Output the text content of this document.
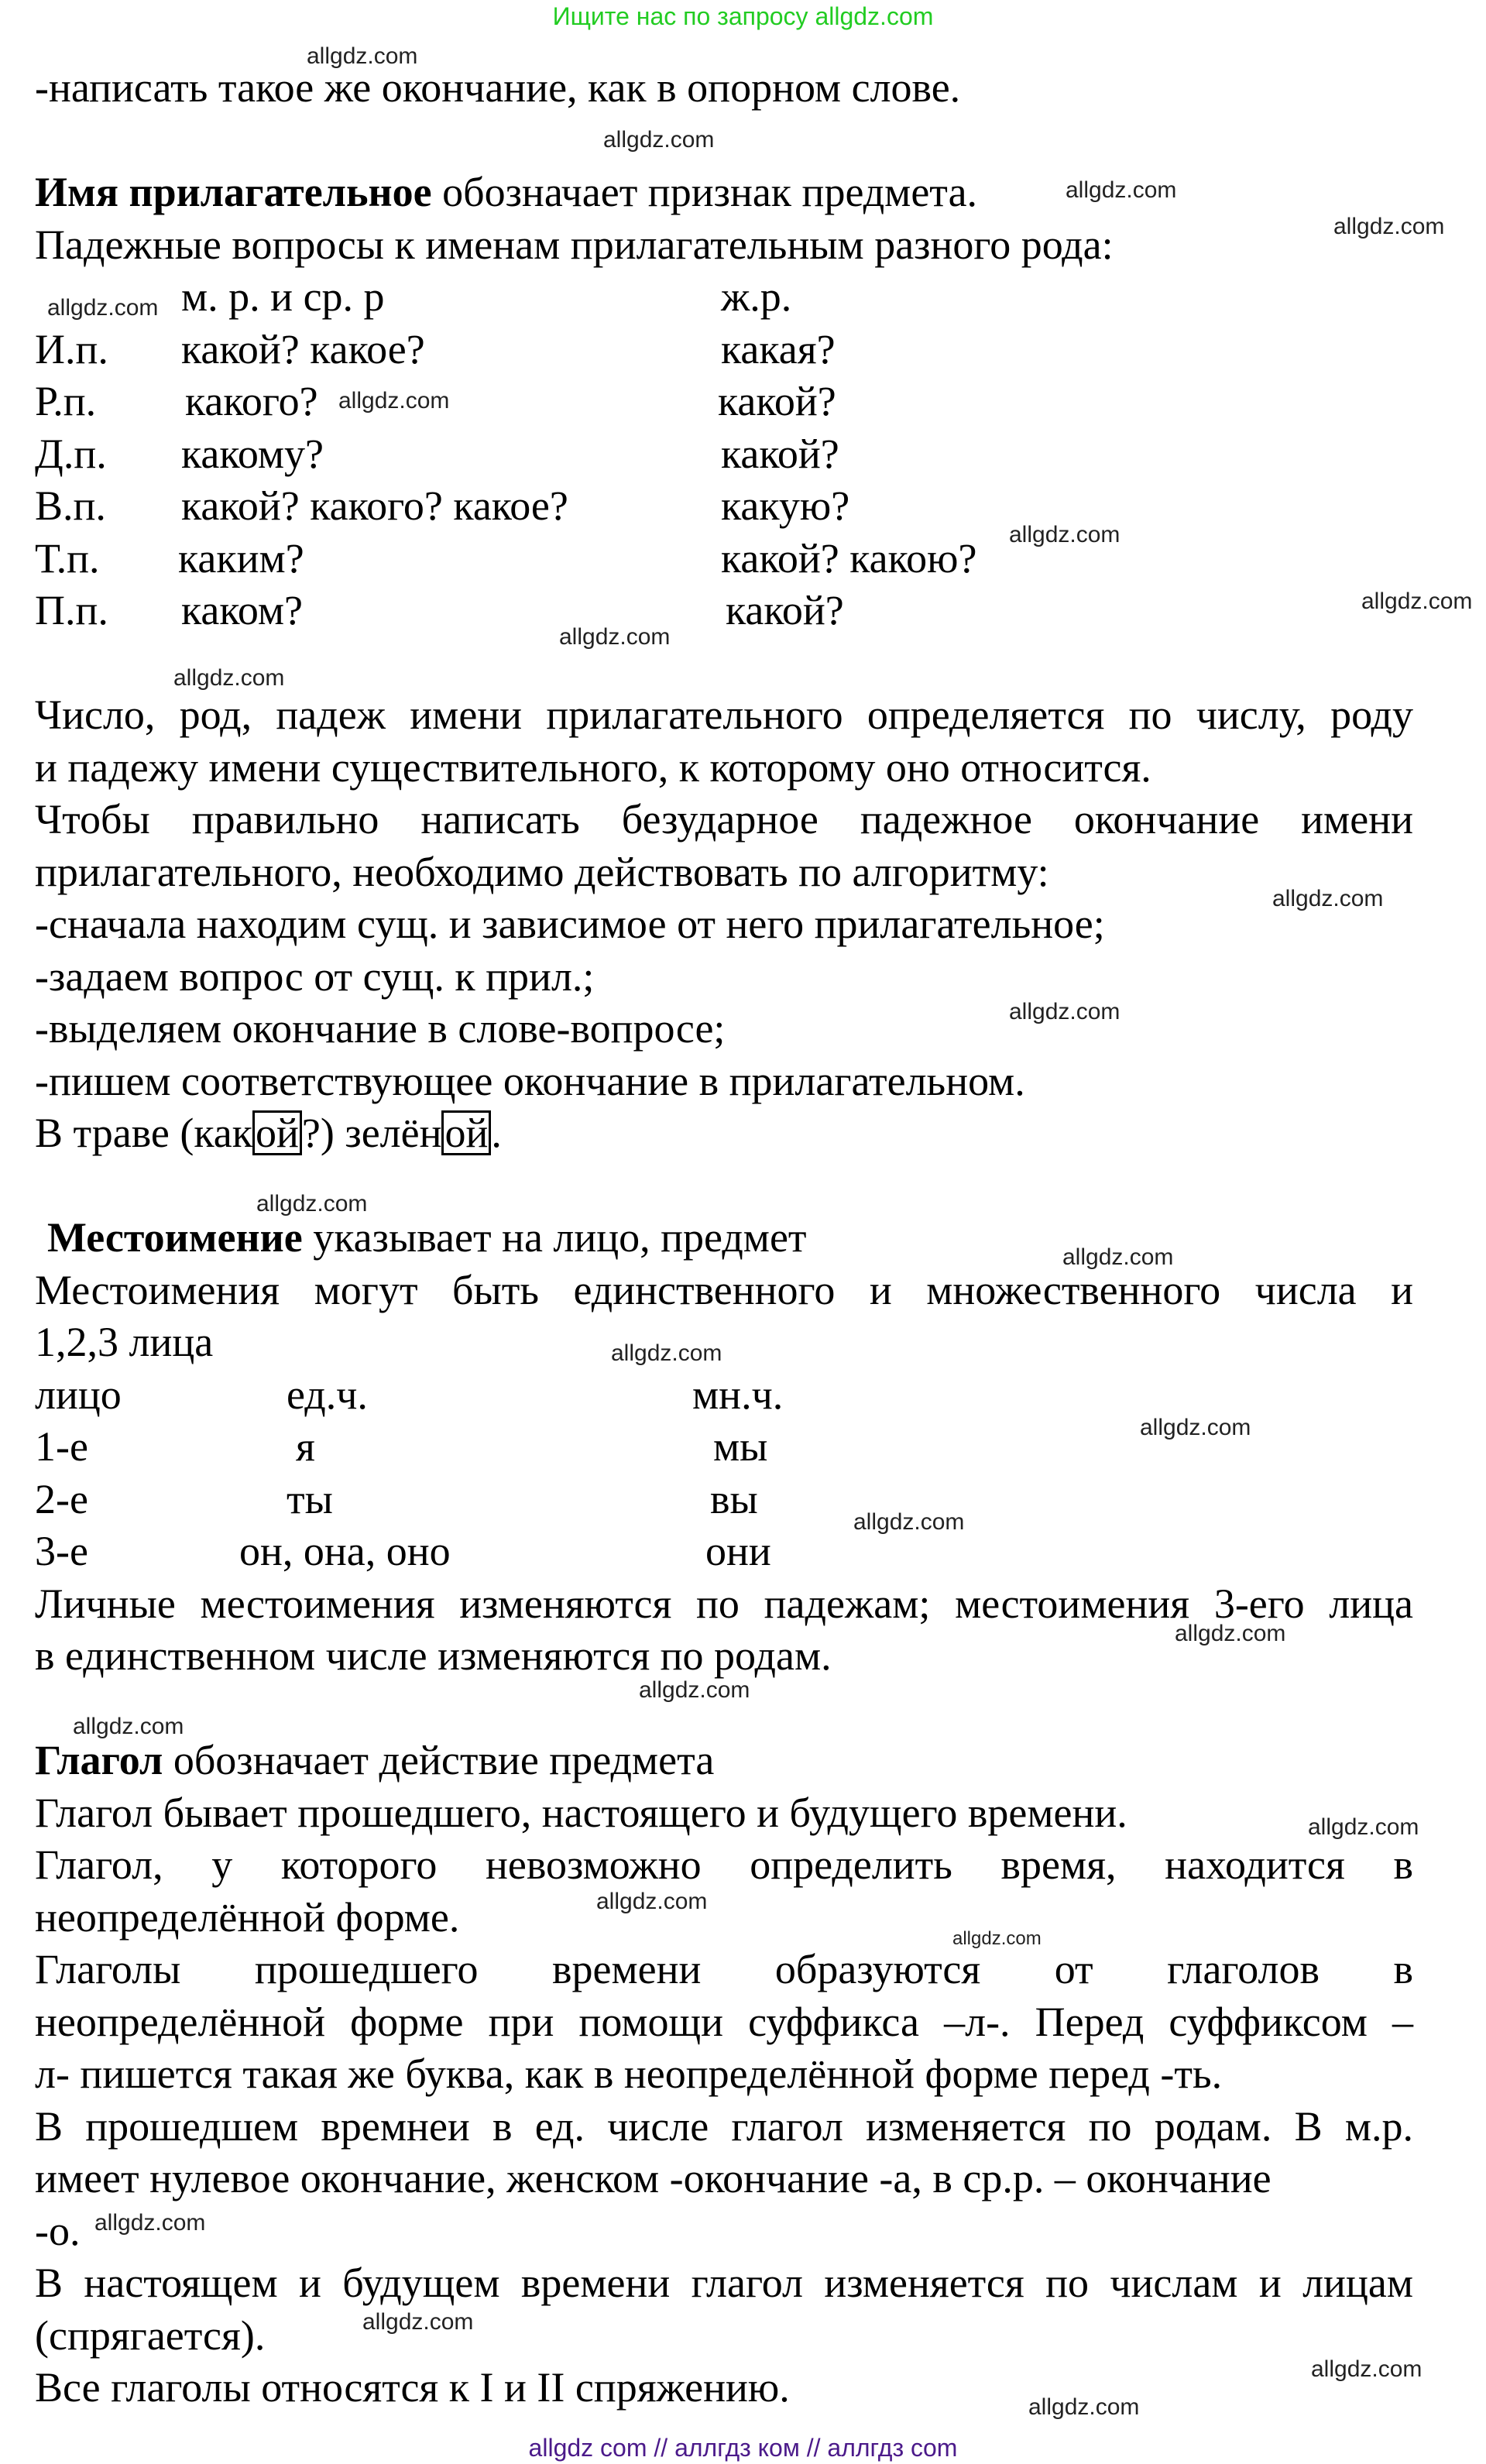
Ищите нас по запросу allgdz.com
-написать такое же окончание, как в опорном слове.
Имя прилагательное обозначает признак предмета.
Падежные вопросы к именам прилагательным разного рода:
м. р. и ср. р	ж.р.
И.п. какой? какое?	какая?
Р.п. какого?	какой?
Д.п. какому?	какой?
В.п. какой? какого? какое?	какую?
Т.п. каким?	какой? какою?
П.п. каком?	какой?
Число, род, падеж имени прилагательного определяется по числу, роду
и падежу имени существительного, к которому оно относится.
Чтобы правильно написать безударное падежное окончание имени
прилагательного, необходимо действовать по алгоритму:
-сначала находим сущ. и зависимое от него прилагательное;
-задаем вопрос от сущ. к прил.;
-выделяем окончание в слове-вопросе;
-пишем соответствующее окончание в прилагательном.
В траве (какой?) зелёной.
Местоимение указывает на лицо, предмет
Местоимения могут быть единственного и множественного числа и
1,2,3 лица
лицо	ед.ч.	мн.ч.
1-е	я	мы
2-е	ты	вы
3-е	он, она, оно	они
Личные местоимения изменяются по падежам; местоимения 3-его лица
в единственном числе изменяются по родам.
Глагол обозначает действие предмета
Глагол бывает прошедшего, настоящего и будущего времени.
Глагол, у которого невозможно определить время, находится в
неопределённой форме.
Глаголы прошедшего времени образуются от глаголов в
неопределённой форме при помощи суффикса –л-. Перед суффиксом –
л- пишется такая же буква, как в неопределённой форме перед -ть.
В прошедшем времнеи в ед. числе глагол изменяется по родам. В м.р.
имеет нулевое окончание, женском -окончание -а, в ср.р. – окончание
-о.
В настоящем и будущем времени глагол изменяется по числам и лицам
(спрягается).
Все глаголы относятся к I и II спряжению.
allgdz.com
allgdz.com
allgdz.com
allgdz.com
allgdz.com
allgdz.com
allgdz.com
allgdz.com
allgdz.com
allgdz.com
allgdz.com
allgdz.com
allgdz.com
allgdz.com
allgdz.com
allgdz.com
allgdz.com
allgdz.com
allgdz.com
allgdz.com
allgdz.com
allgdz.com
allgdz.com
allgdz.com
allgdz.com
allgdz.com
allgdz.com
allgdz com // аллгдз ком // аллгдз com
